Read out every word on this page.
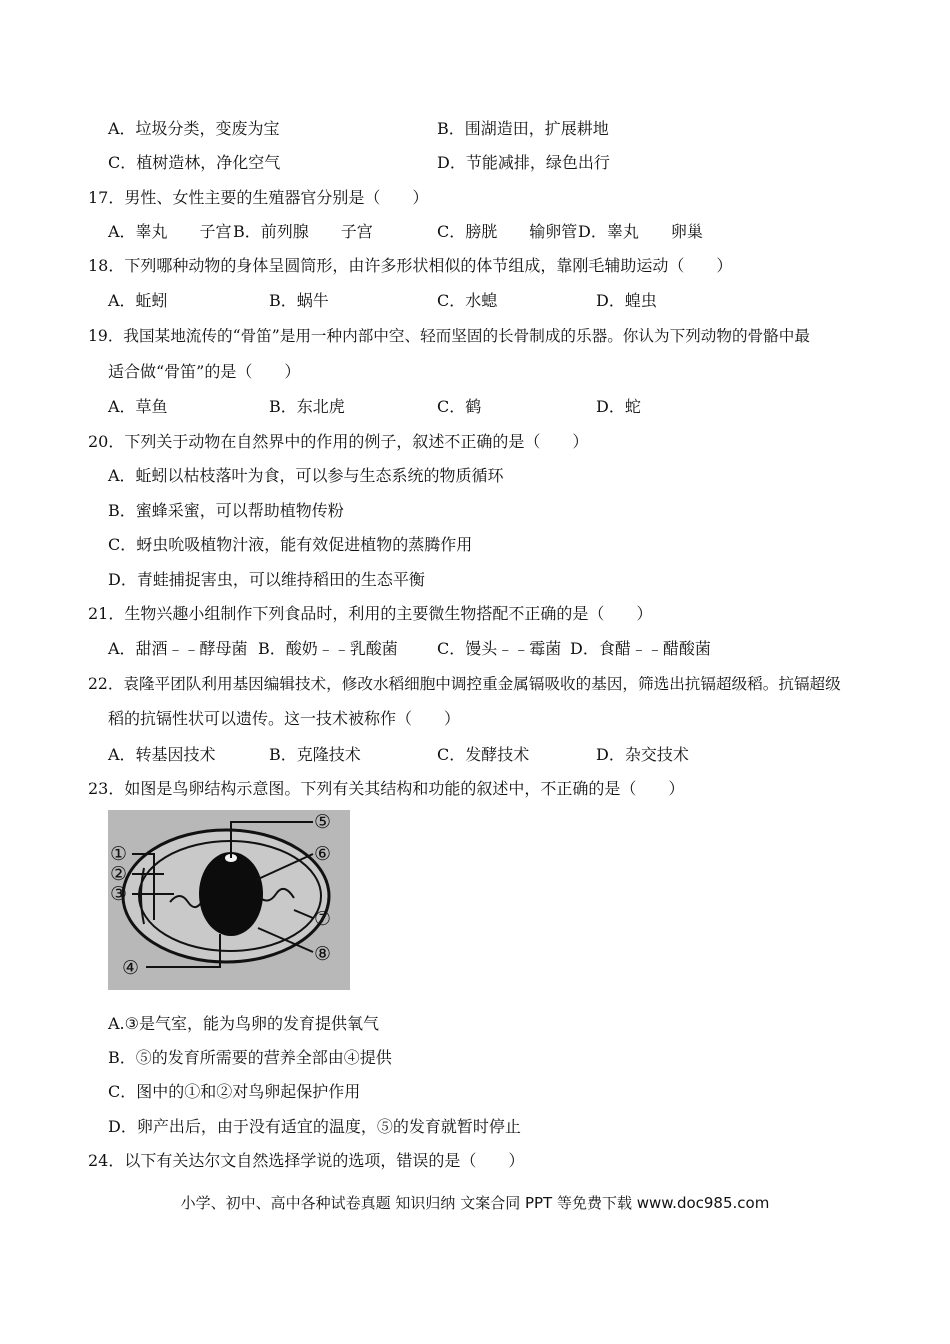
A．垃圾分类，变废为宝	B．围湖造田，扩展耕地
C．植树造林，净化空气	D．节能减排，绿色出行
17．男性、女性主要的生殖器官分别是（　　）
A．睾丸　　子宫 B．前列腺　　子宫	C．膀胱　　输卵管 D．睾丸　　卵巢
18．下列哪种动物的身体呈圆筒形，由许多形状相似的体节组成，靠刚毛辅助运动（　　）
A．蚯蚓	B．蜗牛	C．水螅	D．蝗虫
19．我国某地流传的“骨笛”是用一种内部中空、轻而坚固的长骨制成的乐器。你认为下列动物的骨骼中最
适合做“骨笛”的是（　　）
A．草鱼	B．东北虎	C．鹤	D．蛇
20．下列关于动物在自然界中的作用的例子，叙述不正确的是（　　）
A．蚯蚓以枯枝落叶为食，可以参与生态系统的物质循环
B．蜜蜂采蜜，可以帮助植物传粉
C．蚜虫吮吸植物汁液，能有效促进植物的蒸腾作用
D．青蛙捕捉害虫，可以维持稻田的生态平衡
21．生物兴趣小组制作下列食品时，利用的主要微生物搭配不正确的是（　　）
A．甜酒﹣﹣酵母菌 B．酸奶﹣﹣乳酸菌 C．馒头﹣﹣霉菌 D．食醋﹣﹣醋酸菌
22．袁隆平团队利用基因编辑技术，修改水稻细胞中调控重金属镉吸收的基因，筛选出抗镉超级稻。抗镉超级
稻的抗镉性状可以遗传。这一技术被称作（　　）
A．转基因技术	B．克隆技术	C．发酵技术	D．杂交技术
23．如图是鸟卵结构示意图。下列有关其结构和功能的叙述中，不正确的是（　　）
①
②
③
④
⑤
⑥
⑦
⑧
A.③是气室，能为鸟卵的发育提供氧气
B．⑤的发育所需要的营养全部由④提供
C．图中的①和②对鸟卵起保护作用
D．卵产出后，由于没有适宜的温度，⑤的发育就暂时停止
24．以下有关达尔文自然选择学说的选项，错误的是（　　）
小学、初中、高中各种试卷真题 知识归纳 文案合同 PPT 等免费下载 www.doc985.com
